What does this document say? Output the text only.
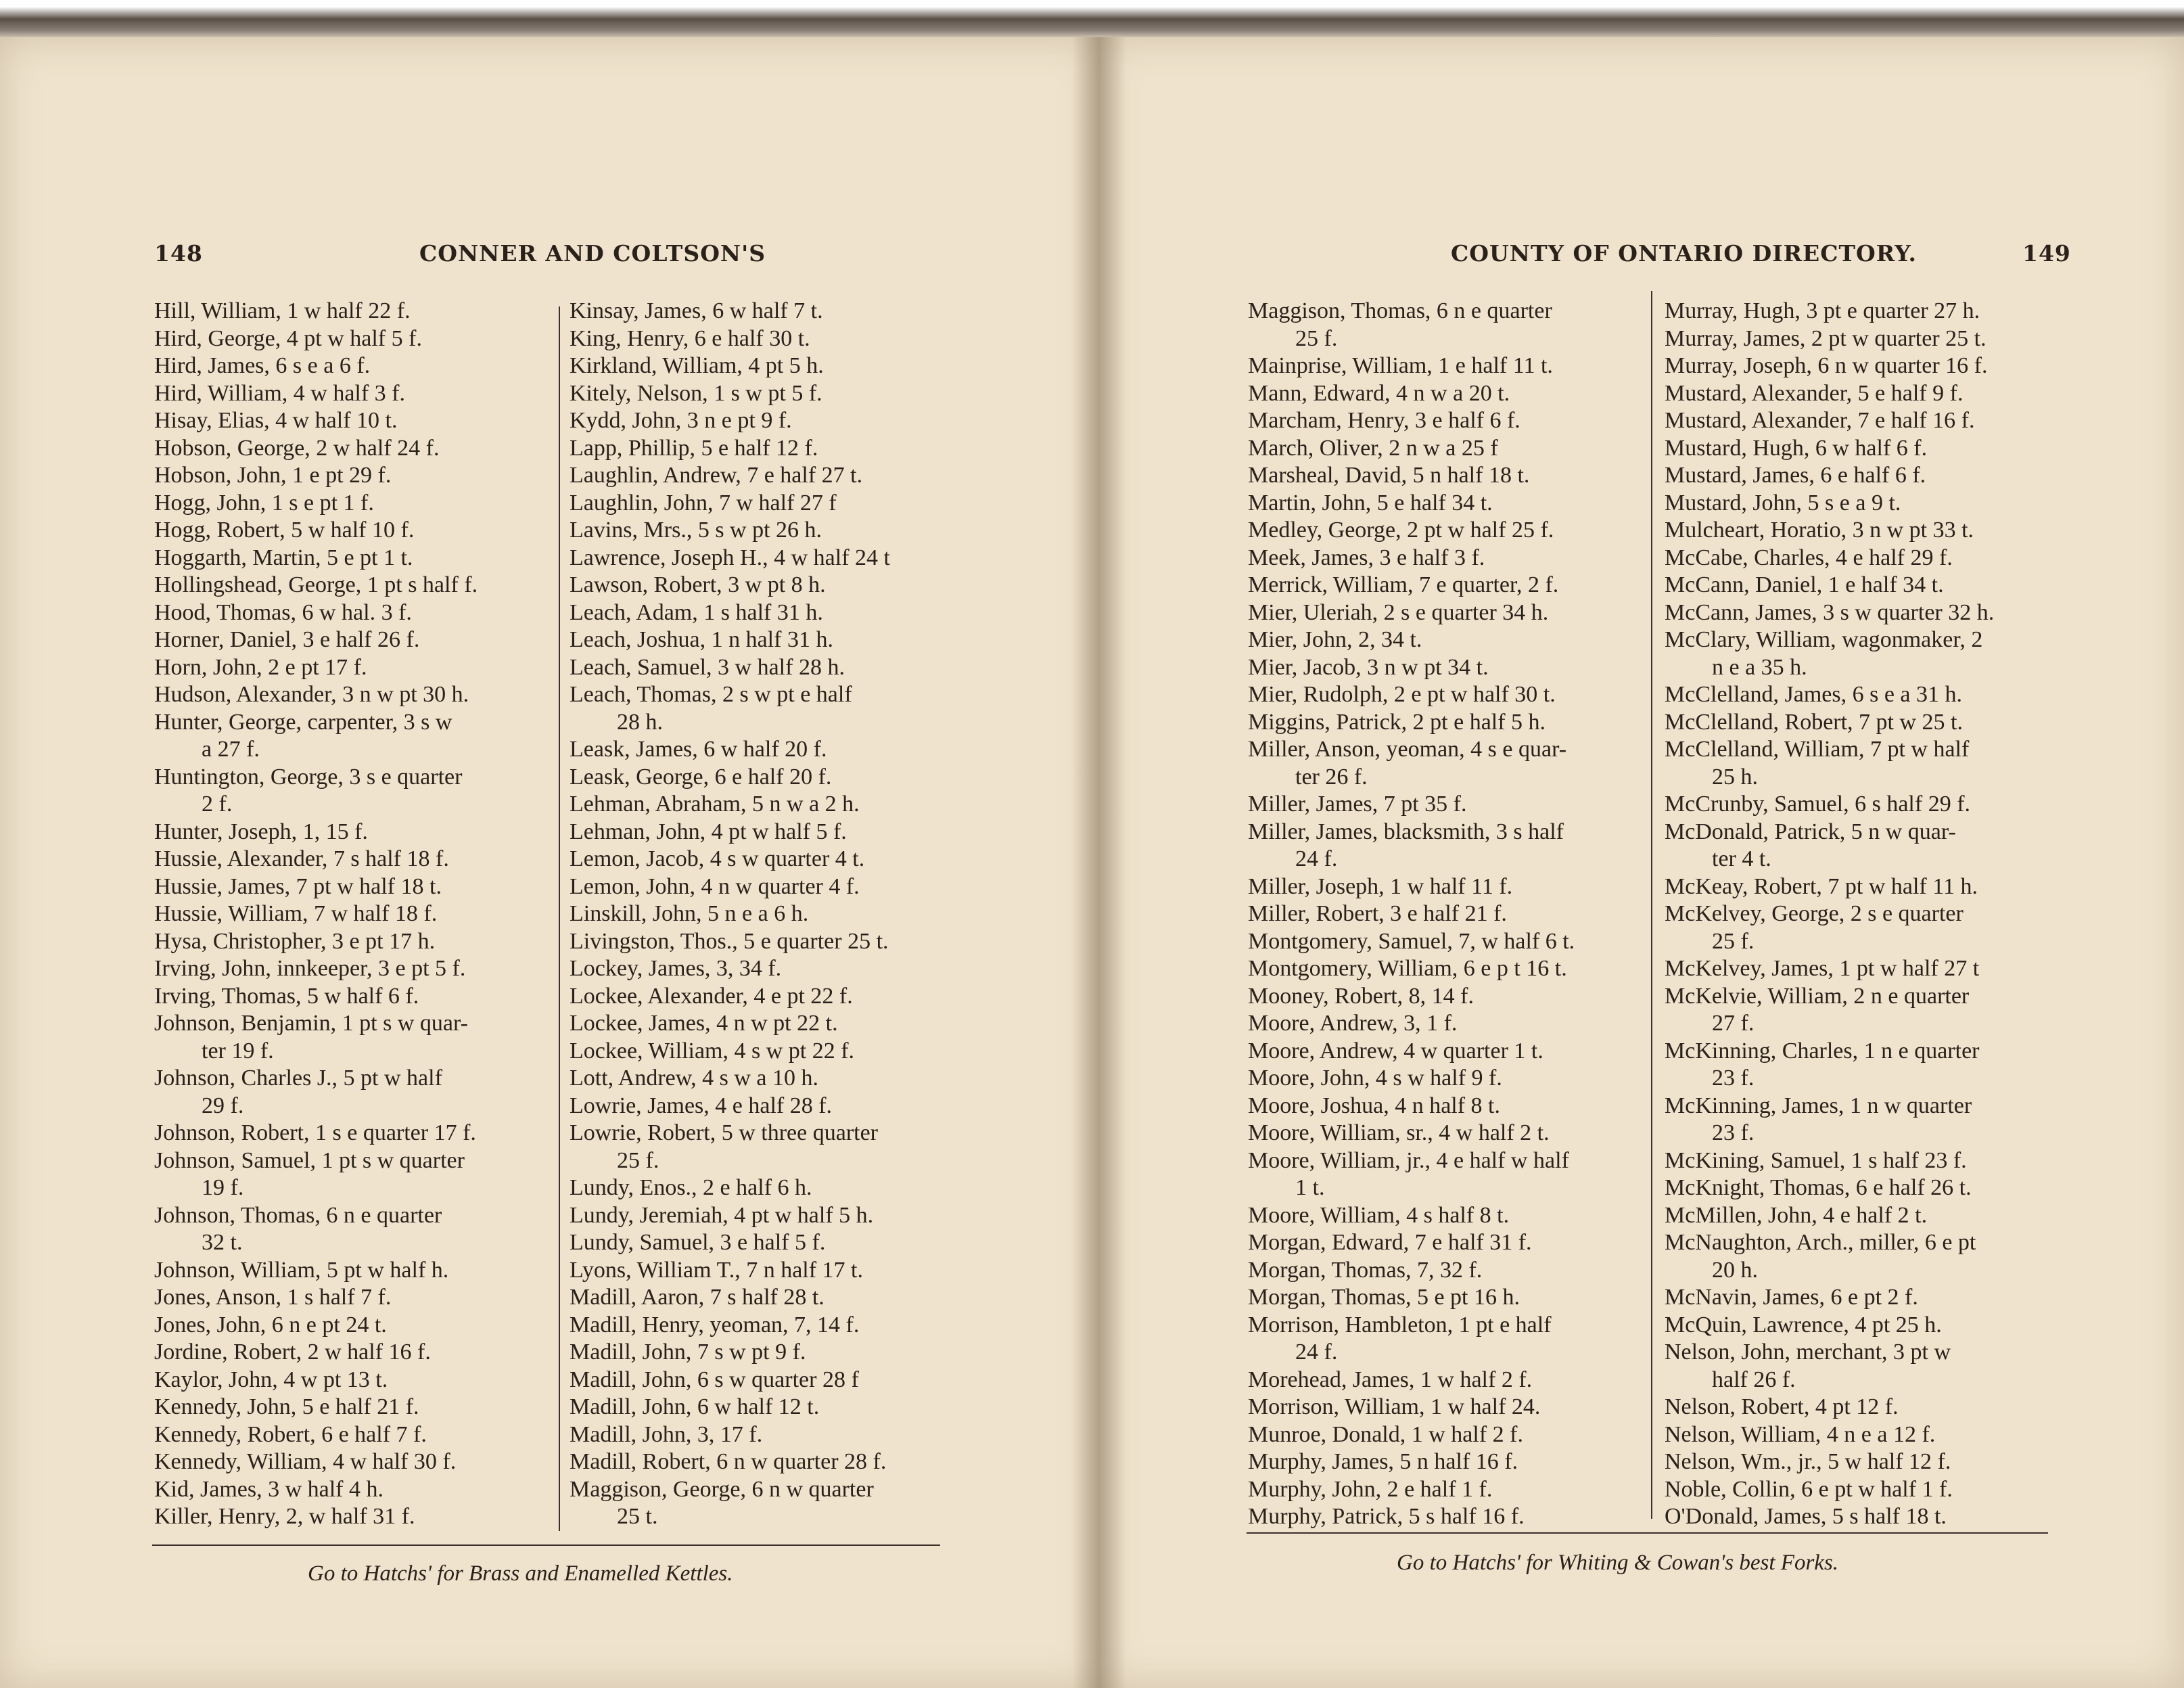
148	CONNER AND COLTSON'S
Hill, William, 1 w half 22 f.
Hird, George, 4 pt w half 5 f.
Hird, James, 6 s e a 6 f.
Hird, William, 4 w half 3 f.
Hisay, Elias, 4 w half 10 t.
Hobson, George, 2 w half 24 f.
Hobson, John, 1 e pt 29 f.
Hogg, John, 1 s e pt 1 f.
Hogg, Robert, 5 w half 10 f.
Hoggarth, Martin, 5 e pt 1 t.
Hollingshead, George, 1 pt s half f.
Hood, Thomas, 6 w hal. 3 f.
Horner, Daniel, 3 e half 26 f.
Horn, John, 2 e pt 17 f.
Hudson, Alexander, 3 n w pt 30 h.
Hunter, George, carpenter, 3 s w
a 27 f.
Huntington, George, 3 s e quarter
2 f.
Hunter, Joseph, 1, 15 f.
Hussie, Alexander, 7 s half 18 f.
Hussie, James, 7 pt w half 18 t.
Hussie, William, 7 w half 18 f.
Hysa, Christopher, 3 e pt 17 h.
Irving, John, innkeeper, 3 e pt 5 f.
Irving, Thomas, 5 w half 6 f.
Johnson, Benjamin, 1 pt s w quar-
ter 19 f.
Johnson, Charles J., 5 pt w half
29 f.
Johnson, Robert, 1 s e quarter 17 f.
Johnson, Samuel, 1 pt s w quarter
19 f.
Johnson, Thomas, 6 n e quarter
32 t.
Johnson, William, 5 pt w half h.
Jones, Anson, 1 s half 7 f.
Jones, John, 6 n e pt 24 t.
Jordine, Robert, 2 w half 16 f.
Kaylor, John, 4 w pt 13 t.
Kennedy, John, 5 e half 21 f.
Kennedy, Robert, 6 e half 7 f.
Kennedy, William, 4 w half 30 f.
Kid, James, 3 w half 4 h.
Killer, Henry, 2, w half 31 f.
Kinsay, James, 6 w half 7 t.
King, Henry, 6 e half 30 t.
Kirkland, William, 4 pt 5 h.
Kitely, Nelson, 1 s w pt 5 f.
Kydd, John, 3 n e pt 9 f.
Lapp, Phillip, 5 e half 12 f.
Laughlin, Andrew, 7 e half 27 t.
Laughlin, John, 7 w half 27 f
Lavins, Mrs., 5 s w pt 26 h.
Lawrence, Joseph H., 4 w half 24 t
Lawson, Robert, 3 w pt 8 h.
Leach, Adam, 1 s half 31 h.
Leach, Joshua, 1 n half 31 h.
Leach, Samuel, 3 w half 28 h.
Leach, Thomas, 2 s w pt e half
28 h.
Leask, James, 6 w half 20 f.
Leask, George, 6 e half 20 f.
Lehman, Abraham, 5 n w a 2 h.
Lehman, John, 4 pt w half 5 f.
Lemon, Jacob, 4 s w quarter 4 t.
Lemon, John, 4 n w quarter 4 f.
Linskill, John, 5 n e a 6 h.
Livingston, Thos., 5 e quarter 25 t.
Lockey, James, 3, 34 f.
Lockee, Alexander, 4 e pt 22 f.
Lockee, James, 4 n w pt 22 t.
Lockee, William, 4 s w pt 22 f.
Lott, Andrew, 4 s w a 10 h.
Lowrie, James, 4 e half 28 f.
Lowrie, Robert, 5 w three quarter
25 f.
Lundy, Enos., 2 e half 6 h.
Lundy, Jeremiah, 4 pt w half 5 h.
Lundy, Samuel, 3 e half 5 f.
Lyons, William T., 7 n half 17 t.
Madill, Aaron, 7 s half 28 t.
Madill, Henry, yeoman, 7, 14 f.
Madill, John, 7 s w pt 9 f.
Madill, John, 6 s w quarter 28 f
Madill, John, 6 w half 12 t.
Madill, John, 3, 17 f.
Madill, Robert, 6 n w quarter 28 f.
Maggison, George, 6 n w quarter
25 t.
Go to Hatchs' for Brass and Enamelled Kettles.
COUNTY OF ONTARIO DIRECTORY.	149
Maggison, Thomas, 6 n e quarter
25 f.
Mainprise, William, 1 e half 11 t.
Mann, Edward, 4 n w a 20 t.
Marcham, Henry, 3 e half 6 f.
March, Oliver, 2 n w a 25 f
Marsheal, David, 5 n half 18 t.
Martin, John, 5 e half 34 t.
Medley, George, 2 pt w half 25 f.
Meek, James, 3 e half 3 f.
Merrick, William, 7 e quarter, 2 f.
Mier, Uleriah, 2 s e quarter 34 h.
Mier, John, 2, 34 t.
Mier, Jacob, 3 n w pt 34 t.
Mier, Rudolph, 2 e pt w half 30 t.
Miggins, Patrick, 2 pt e half 5 h.
Miller, Anson, yeoman, 4 s e quar-
ter 26 f.
Miller, James, 7 pt 35 f.
Miller, James, blacksmith, 3 s half
24 f.
Miller, Joseph, 1 w half 11 f.
Miller, Robert, 3 e half 21 f.
Montgomery, Samuel, 7, w half 6 t.
Montgomery, William, 6 e p t 16 t.
Mooney, Robert, 8, 14 f.
Moore, Andrew, 3, 1 f.
Moore, Andrew, 4 w quarter 1 t.
Moore, John, 4 s w half 9 f.
Moore, Joshua, 4 n half 8 t.
Moore, William, sr., 4 w half 2 t.
Moore, William, jr., 4 e half w half
1 t.
Moore, William, 4 s half 8 t.
Morgan, Edward, 7 e half 31 f.
Morgan, Thomas, 7, 32 f.
Morgan, Thomas, 5 e pt 16 h.
Morrison, Hambleton, 1 pt e half
24 f.
Morehead, James, 1 w half 2 f.
Morrison, William, 1 w half 24.
Munroe, Donald, 1 w half 2 f.
Murphy, James, 5 n half 16 f.
Murphy, John, 2 e half 1 f.
Murphy, Patrick, 5 s half 16 f.
Murray, Hugh, 3 pt e quarter 27 h.
Murray, James, 2 pt w quarter 25 t.
Murray, Joseph, 6 n w quarter 16 f.
Mustard, Alexander, 5 e half 9 f.
Mustard, Alexander, 7 e half 16 f.
Mustard, Hugh, 6 w half 6 f.
Mustard, James, 6 e half 6 f.
Mustard, John, 5 s e a 9 t.
Mulcheart, Horatio, 3 n w pt 33 t.
McCabe, Charles, 4 e half 29 f.
McCann, Daniel, 1 e half 34 t.
McCann, James, 3 s w quarter 32 h.
McClary, William, wagonmaker, 2
n e a 35 h.
McClelland, James, 6 s e a 31 h.
McClelland, Robert, 7 pt w 25 t.
McClelland, William, 7 pt w half
25 h.
McCrunby, Samuel, 6 s half 29 f.
McDonald, Patrick, 5 n w quar-
ter 4 t.
McKeay, Robert, 7 pt w half 11 h.
McKelvey, George, 2 s e quarter
25 f.
McKelvey, James, 1 pt w half 27 t
McKelvie, William, 2 n e quarter
27 f.
McKinning, Charles, 1 n e quarter
23 f.
McKinning, James, 1 n w quarter
23 f.
McKining, Samuel, 1 s half 23 f.
McKnight, Thomas, 6 e half 26 t.
McMillen, John, 4 e half 2 t.
McNaughton, Arch., miller, 6 e pt
20 h.
McNavin, James, 6 e pt 2 f.
McQuin, Lawrence, 4 pt 25 h.
Nelson, John, merchant, 3 pt w
half 26 f.
Nelson, Robert, 4 pt 12 f.
Nelson, William, 4 n e a 12 f.
Nelson, Wm., jr., 5 w half 12 f.
Noble, Collin, 6 e pt w half 1 f.
O'Donald, James, 5 s half 18 t.
Go to Hatchs' for Whiting & Cowan's best Forks.
